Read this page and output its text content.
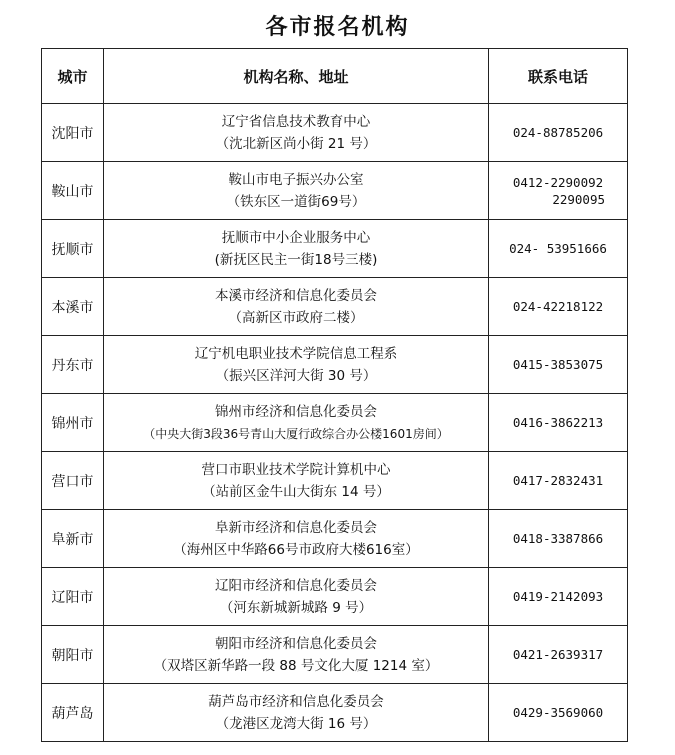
各市报名机构
城市	机构名称、地址	联系电话
沈阳市	辽宁省信息技术教育中心
（沈北新区尚小街 21 号）	024-88785206

鞍山市	鞍山市电子振兴办公室
（铁东区一道街69号）	0412-2290092
2290095

抚顺市	抚顺市中小企业服务中心
(新抚区民主一街18号三楼)	024- 53951666

本溪市	本溪市经济和信息化委员会
（高新区市政府二楼）	024-42218122

丹东市	辽宁机电职业技术学院信息工程系
（振兴区洋河大街 30 号）	0415-3853075

锦州市	锦州市经济和信息化委员会
（中央大街3段36号青山大厦行政综合办公楼1601房间）	0416-3862213

营口市	营口市职业技术学院计算机中心
（站前区金牛山大街东 14 号）	0417-2832431

阜新市	阜新市经济和信息化委员会
（海州区中华路66号市政府大楼616室）	0418-3387866

辽阳市	辽阳市经济和信息化委员会
（河东新城新城路 9 号）	0419-2142093

朝阳市	朝阳市经济和信息化委员会
（双塔区新华路一段 88 号文化大厦 1214 室）	0421-2639317

葫芦岛	葫芦岛市经济和信息化委员会
（龙港区龙湾大街 16 号）	0429-3569060
